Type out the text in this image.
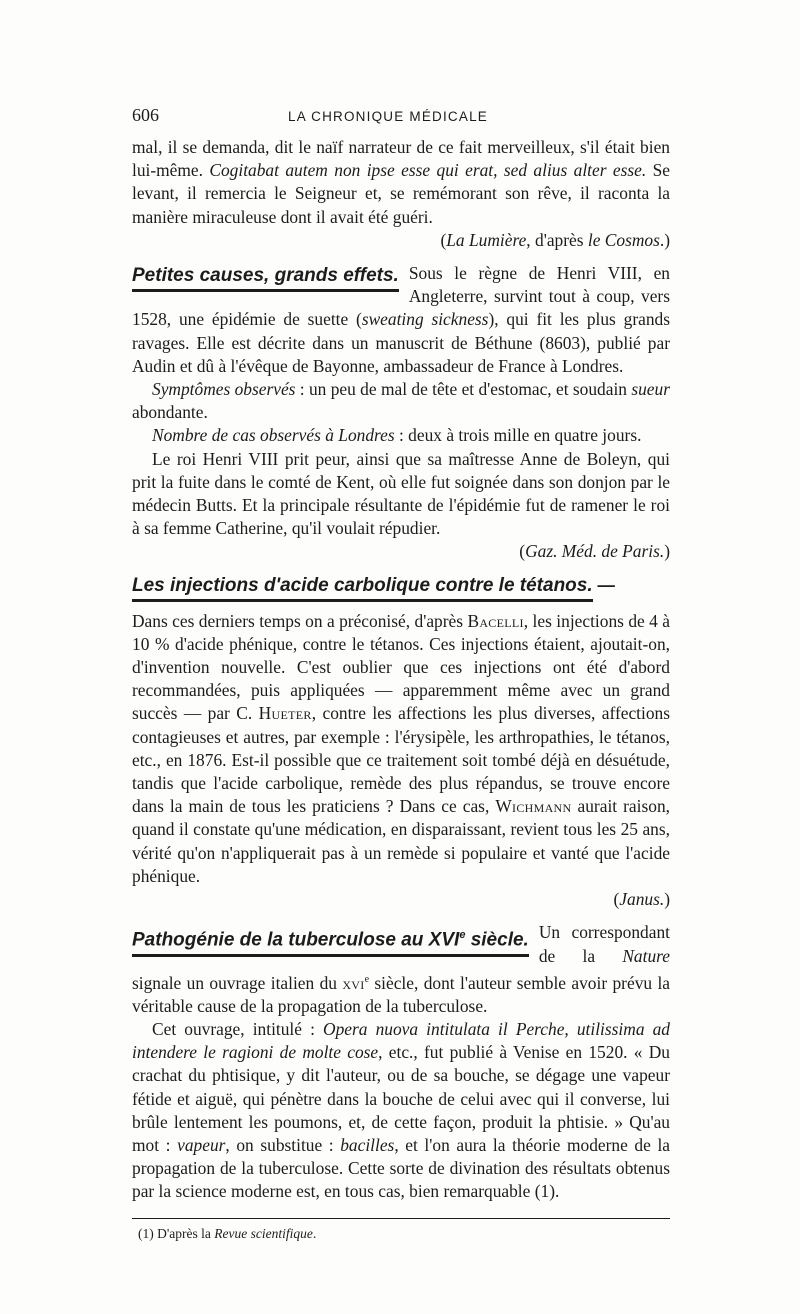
606	LA CHRONIQUE MÉDICALE

mal, il se demanda, dit le naïf narrateur de ce fait merveilleux, s'il était bien lui-même. Cogitabat autem non ipse esse qui erat, sed alius alter esse. Se levant, il remercia le Seigneur et, se remémorant son rêve, il raconta la manière miraculeuse dont il avait été guéri.

(La Lumière, d'après le Cosmos.)

Petites causes, grands effets. Sous le règne de Henri VIII, en Angleterre, survint tout à coup, vers 1528, une épidémie de suette (sweating sickness), qui fit les plus grands ravages. Elle est décrite dans un manuscrit de Béthune (8603), publié par Audin et dû à l'évêque de Bayonne, ambassadeur de France à Londres.

Symptômes observés : un peu de mal de tête et d'estomac, et soudain sueur abondante.

Nombre de cas observés à Londres : deux à trois mille en quatre jours.

Le roi Henri VIII prit peur, ainsi que sa maîtresse Anne de Boleyn, qui prit la fuite dans le comté de Kent, où elle fut soignée dans son donjon par le médecin Butts. Et la principale résultante de l'épidémie fut de ramener le roi à sa femme Catherine, qu'il voulait répudier.

(Gaz. Méd. de Paris.)

Les injections d'acide carbolique contre le tétanos. —

Dans ces derniers temps on a préconisé, d'après Bacelli, les injections de 4 à 10 % d'acide phénique, contre le tétanos. Ces injections étaient, ajoutait-on, d'invention nouvelle. C'est oublier que ces injections ont été d'abord recommandées, puis appliquées — apparemment même avec un grand succès — par C. Hueter, contre les affections les plus diverses, affections contagieuses et autres, par exemple : l'érysipèle, les arthropathies, le tétanos, etc., en 1876. Est-il possible que ce traitement soit tombé déjà en désuétude, tandis que l'acide carbolique, remède des plus répandus, se trouve encore dans la main de tous les praticiens ? Dans ce cas, Wichmann aurait raison, quand il constate qu'une médication, en disparaissant, revient tous les 25 ans, vérité qu'on n'appliquerait pas à un remède si populaire et vanté que l'acide phénique.

(Janus.)

Pathogénie de la tuberculose au XVIe siècle. Un correspondant de la Nature signale un ouvrage italien du xvi$^e$ siècle, dont l'auteur semble avoir prévu la véritable cause de la propagation de la tuberculose.

Cet ouvrage, intitulé : Opera nuova intitulata il Perche, utilissima ad intendere le ragioni de molte cose, etc., fut publié à Venise en 1520. « Du crachat du phtisique, y dit l'auteur, ou de sa bouche, se dégage une vapeur fétide et aiguë, qui pénètre dans la bouche de celui avec qui il converse, lui brûle lentement les poumons, et, de cette façon, produit la phtisie. » Qu'au mot : vapeur, on substitue : bacilles, et l'on aura la théorie moderne de la propagation de la tuberculose. Cette sorte de divination des résultats obtenus par la science moderne est, en tous cas, bien remarquable (1).

(1) D'après la Revue scientifique.
